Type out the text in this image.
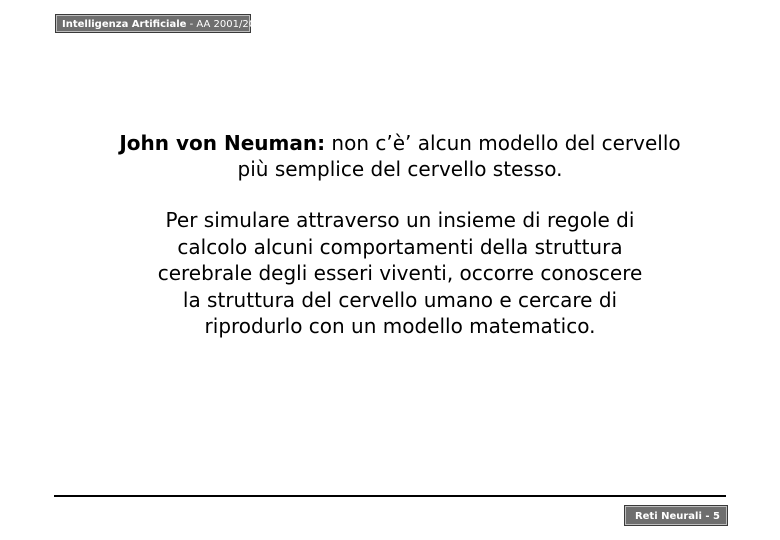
Intelligenza Artificiale - AA 2001/2002
John von Neuman: non c’è’ alcun modello del cervello
più semplice del cervello stesso.
Per simulare attraverso un insieme di regole di
calcolo alcuni comportamenti della struttura
cerebrale degli esseri viventi, occorre conoscere
la struttura del cervello umano e cercare di
riprodurlo con un modello matematico.
Reti Neurali - 5
